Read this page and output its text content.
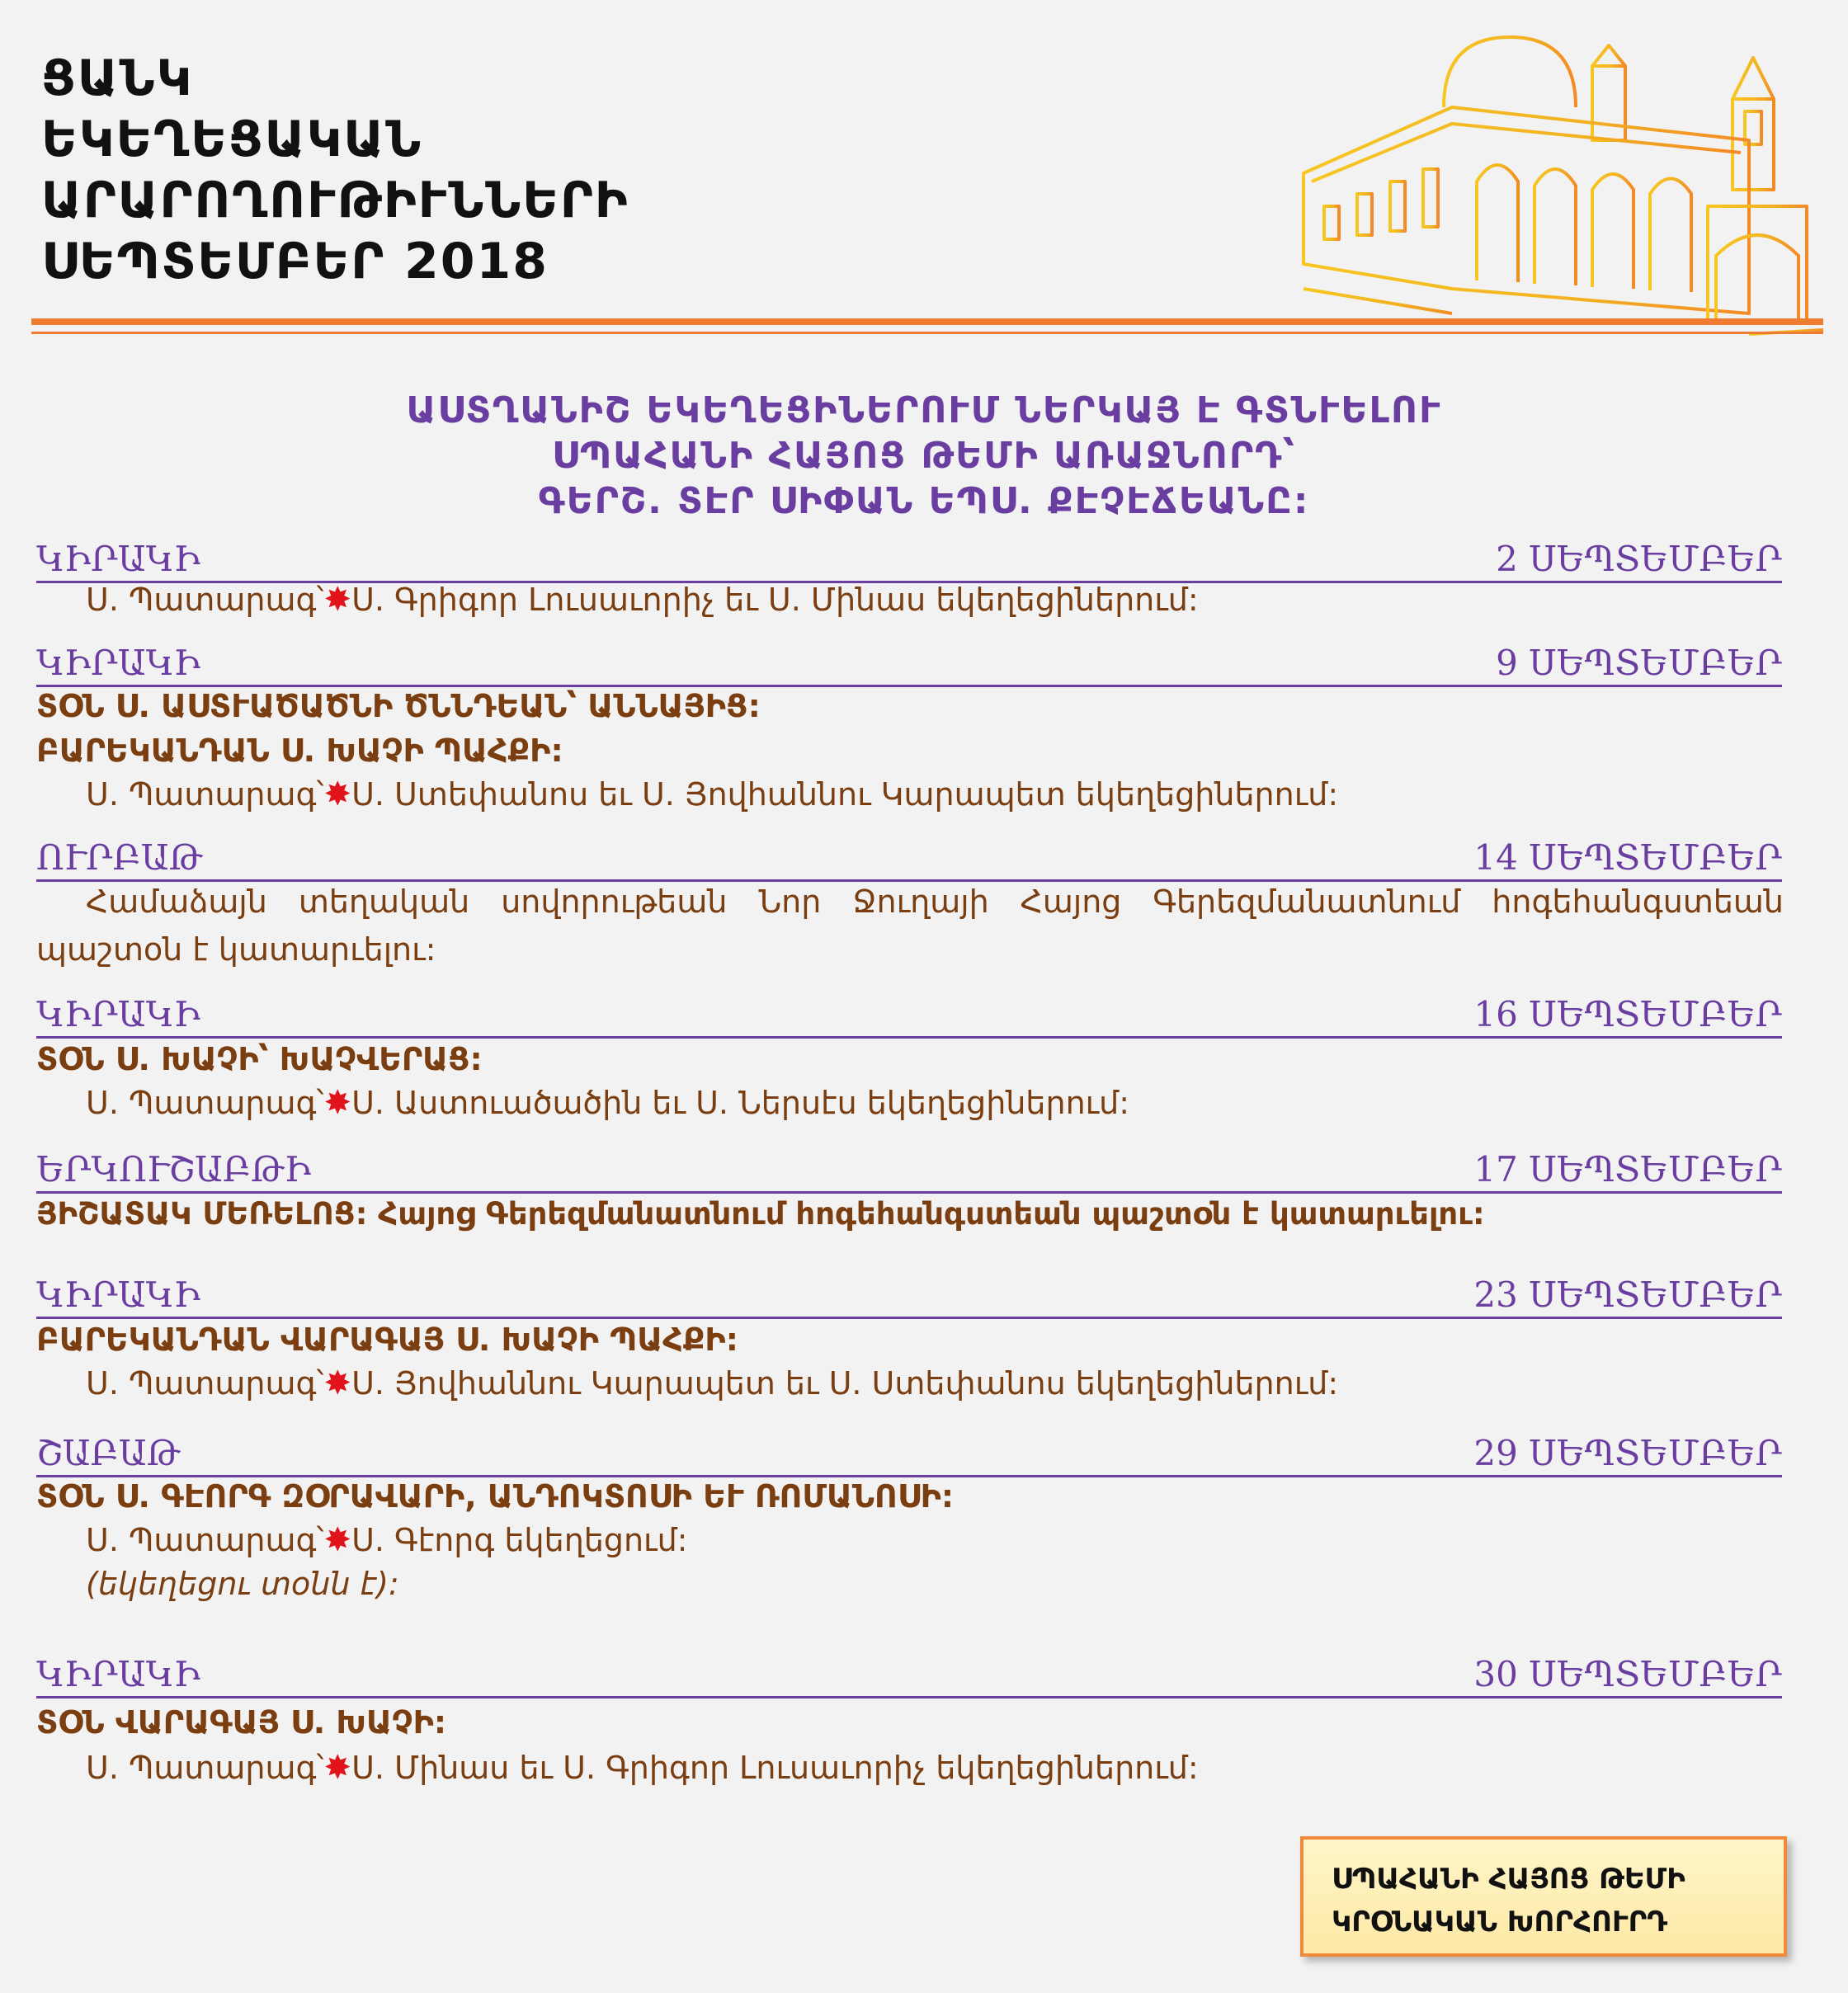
ՑԱՆԿ
ԵԿԵՂԵՑԱԿԱՆ
ԱՐԱՐՈՂՈՒԹԻՒՆՆԵՐԻ
ՍԵՊՏԵՄԲԵՐ 2018
ԱՍՏՂԱՆԻՇ ԵԿԵՂԵՑԻՆԵՐՈՒՄ ՆԵՐԿԱՅ Է ԳՏՆՒԵԼՈՒ
ՍՊԱՀԱՆԻ ՀԱՅՈՑ ԹԵՄԻ ԱՌԱՋՆՈՐԴ՝
ԳԵՐՇ. ՏԷՐ ՍԻՓԱՆ ԵՊՍ. ՔԷՉԷՃԵԱՆԸ:
ԿԻՐԱԿԻ	2 ՍԵՊՏԵՄԲԵՐ
Ս. Պատարագ՝✸Ս. Գրիգոր Լուսաւորիչ եւ Ս. Մինաս եկեղեցիներում:
ԿԻՐԱԿԻ	9 ՍԵՊՏԵՄԲԵՐ
ՏՕՆ Ս. ԱՍՏՒԱԾԱԾՆԻ ԾՆՆԴԵԱՆ՝ ԱՆՆԱՅԻՑ:
ԲԱՐԵԿԱՆԴԱՆ Ս. ԽԱՉԻ ՊԱՀՔԻ:
Ս. Պատարագ՝✸Ս. Ստեփանոս եւ Ս. Յովհաննու Կարապետ եկեղեցիներում:
ՈՒՐԲԱԹ	14 ՍԵՊՏԵՄԲԵՐ
Համաձայն տեղական սովորութեան Նոր Ջուղայի Հայոց Գերեզմանատնում հոգեհանգստեան պաշտօն է կատարւելու:
ԿԻՐԱԿԻ	16 ՍԵՊՏԵՄԲԵՐ
ՏՕՆ Ս. ԽԱՉԻ՝ ԽԱՉՎԵՐԱՑ:
Ս. Պատարագ՝✸Ս. Աստուածածին եւ Ս. Ներսէս եկեղեցիներում:
ԵՐԿՈՒՇԱԲԹԻ	17 ՍԵՊՏԵՄԲԵՐ
ՅԻՇԱՏԱԿ ՄԵՌԵԼՈՑ: Հայոց Գերեզմանատնում հոգեհանգստեան պաշտօն է կատարւելու:
ԿԻՐԱԿԻ	23 ՍԵՊՏԵՄԲԵՐ
ԲԱՐԵԿԱՆԴԱՆ ՎԱՐԱԳԱՅ Ս. ԽԱՉԻ ՊԱՀՔԻ:
Ս. Պատարագ՝✸Ս. Յովհաննու Կարապետ եւ Ս. Ստեփանոս եկեղեցիներում:
ՇԱԲԱԹ	29 ՍԵՊՏԵՄԲԵՐ
ՏՕՆ Ս. ԳԷՈՐԳ ԶՕՐԱՎԱՐԻ, ԱՆԴՈԿՏՈՍԻ ԵՒ ՌՈՄԱՆՈՍԻ:
Ս. Պատարագ՝✸Ս. Գէորգ եկեղեցում:
(եկեղեցու տօնն է):
ԿԻՐԱԿԻ	30 ՍԵՊՏԵՄԲԵՐ
ՏՕՆ ՎԱՐԱԳԱՅ Ս. ԽԱՉԻ:
Ս. Պատարագ՝✸Ս. Մինաս եւ Ս. Գրիգոր Լուսաւորիչ եկեղեցիներում:
ՍՊԱՀԱՆԻ ՀԱՅՈՑ ԹԵՄԻ
ԿՐՕՆԱԿԱՆ ԽՈՐՀՈՒՐԴ
